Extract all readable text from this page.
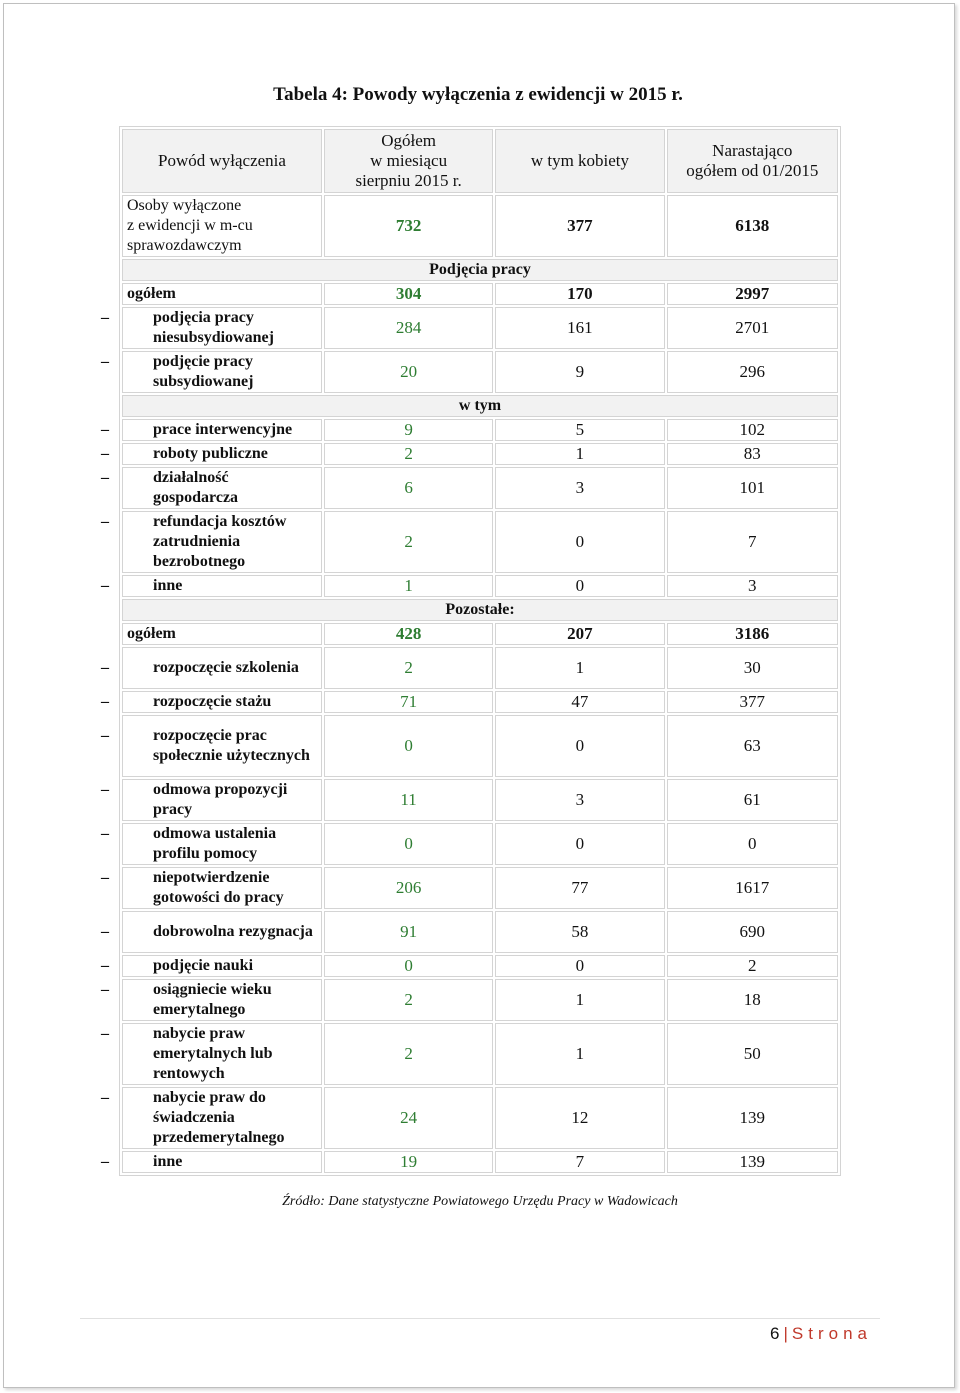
Tabela 4: Powody wyłączenia z ewidencji w 2015 r.
Powód wyłączenia	Ogółem
w miesiącu
sierpniu 2015 r.	w tym kobiety	Narastająco
ogółem od 01/2015
Osoby wyłączone
z ewidencji w m-cu
sprawozdawczym	732	377	6138
Podjęcia pracy			
ogółem	304	170	2997
– podjęcia pracy niesubsydiowanej	284	161	2701
– podjęcie pracy subsydiowanej	20	9	296
w tym			
– prace interwencyjne	9	5	102
– roboty publiczne	2	1	83
– działalność gospodarcza	6	3	101
– refundacja kosztów zatrudnienia bezrobotnego	2	0	7
– inne	1	0	3
Pozostałe:			
ogółem	428	207	3186
– rozpoczęcie szkolenia	2	1	30
– rozpoczęcie stażu	71	47	377
– rozpoczęcie prac społecznie użytecznych	0	0	63
– odmowa propozycji pracy	11	3	61
– odmowa ustalenia profilu pomocy	0	0	0
– niepotwierdzenie gotowości do pracy	206	77	1617
– dobrowolna rezygnacja	91	58	690
– podjęcie nauki	0	0	2
– osiągniecie wieku emerytalnego	2	1	18
– nabycie praw emerytalnych lub rentowych	2	1	50
– nabycie praw do świadczenia przedemerytalnego	24	12	139
– inne	19	7	139
Źródło: Dane statystyczne Powiatowego Urzędu Pracy w Wadowicach
6 | Strona
